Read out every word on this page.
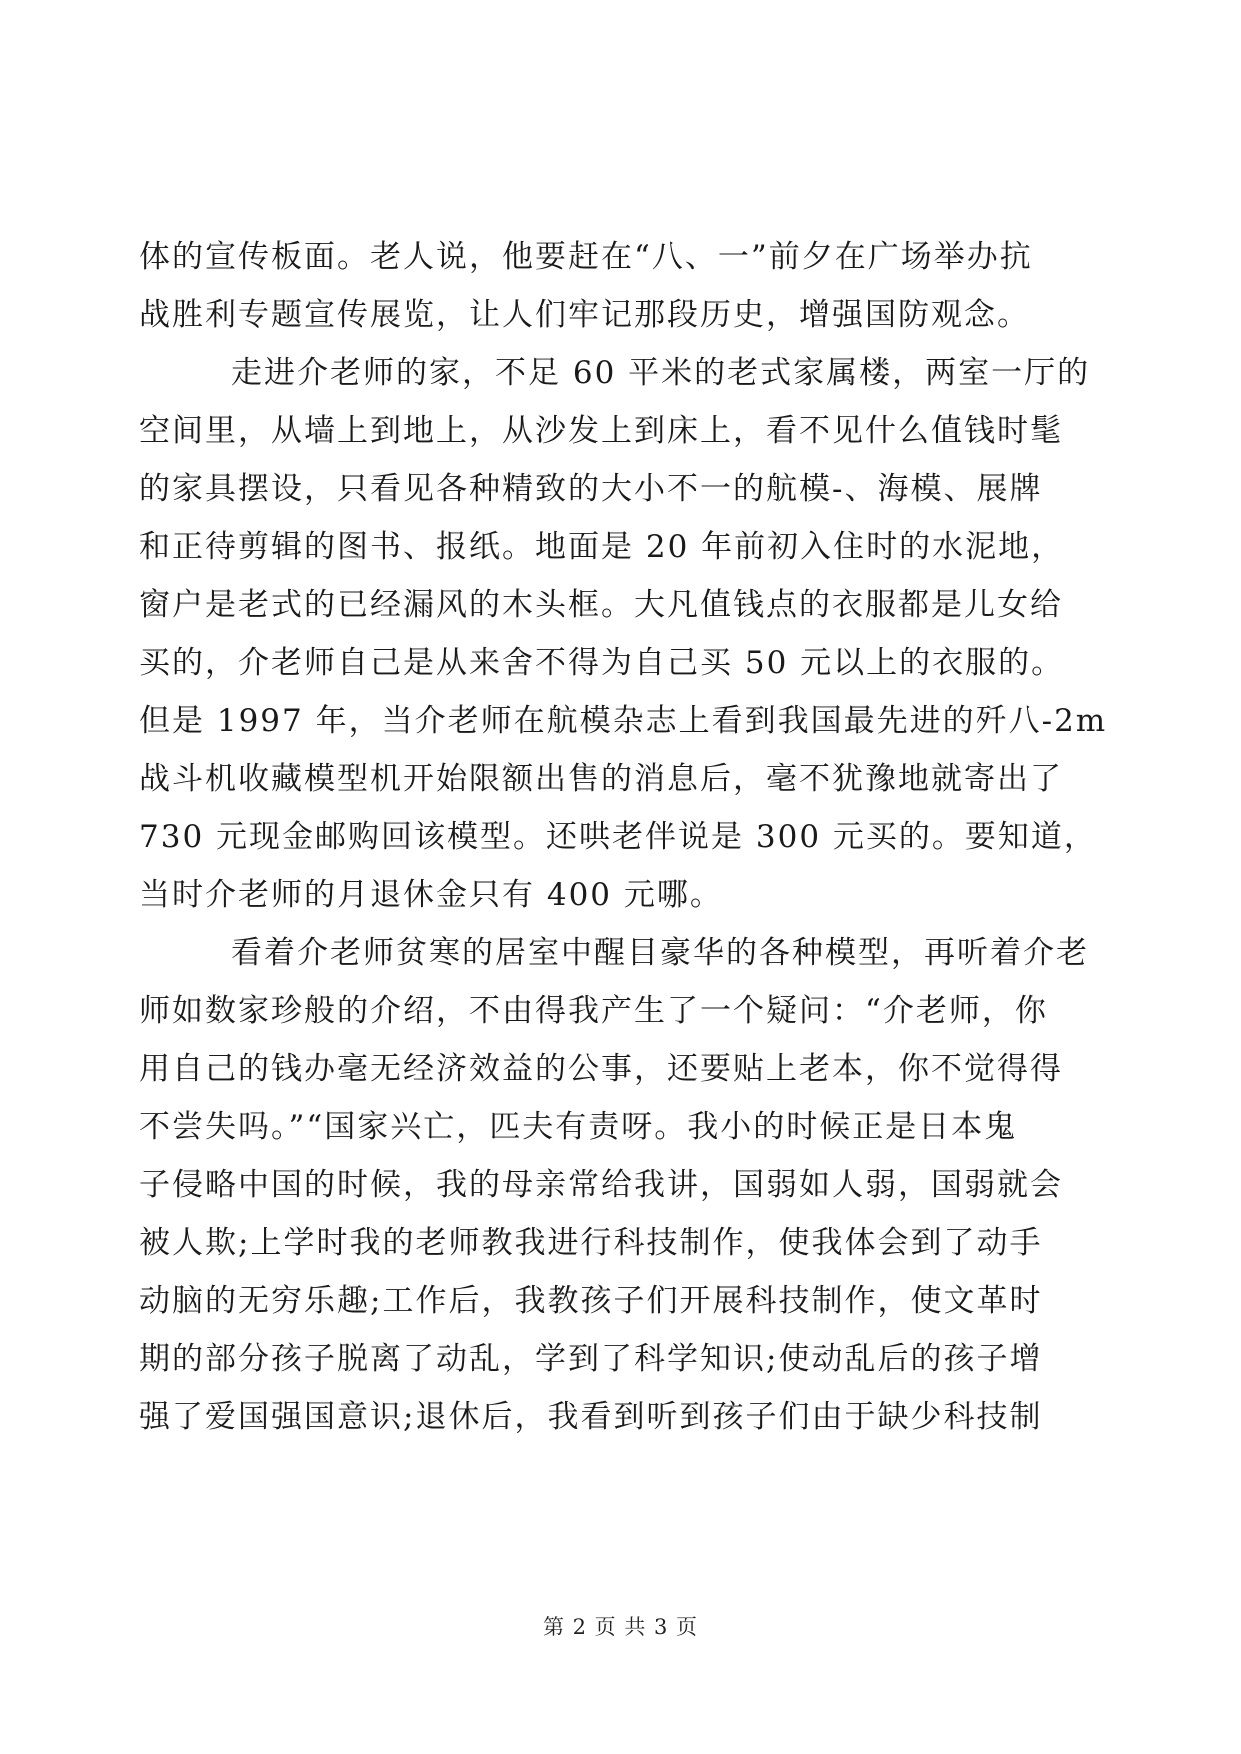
体的宣传板面。老人说，他要赶在“八、一”前夕在广场举办抗
战胜利专题宣传展览，让人们牢记那段历史，增强国防观念。
走进介老师的家，不足 60 平米的老式家属楼，两室一厅的
空间里，从墙上到地上，从沙发上到床上，看不见什么值钱时髦
的家具摆设，只看见各种精致的大小不一的航模-、海模、展牌
和正待剪辑的图书、报纸。地面是 20 年前初入住时的水泥地，
窗户是老式的已经漏风的木头框。大凡值钱点的衣服都是儿女给
买的，介老师自己是从来舍不得为自己买 50 元以上的衣服的。
但是 1997 年，当介老师在航模杂志上看到我国最先进的歼八-2m
战斗机收藏模型机开始限额出售的消息后，毫不犹豫地就寄出了
730 元现金邮购回该模型。还哄老伴说是 300 元买的。要知道，
当时介老师的月退休金只有 400 元哪。
看着介老师贫寒的居室中醒目豪华的各种模型，再听着介老
师如数家珍般的介绍，不由得我产生了一个疑问：“介老师，你
用自己的钱办毫无经济效益的公事，还要贴上老本，你不觉得得
不尝失吗。”“国家兴亡，匹夫有责呀。我小的时候正是日本鬼
子侵略中国的时候，我的母亲常给我讲，国弱如人弱，国弱就会
被人欺;上学时我的老师教我进行科技制作，使我体会到了动手
动脑的无穷乐趣;工作后，我教孩子们开展科技制作，使文革时
期的部分孩子脱离了动乱，学到了科学知识;使动乱后的孩子增
强了爱国强国意识;退休后，我看到听到孩子们由于缺少科技制
第 2 页 共 3 页
